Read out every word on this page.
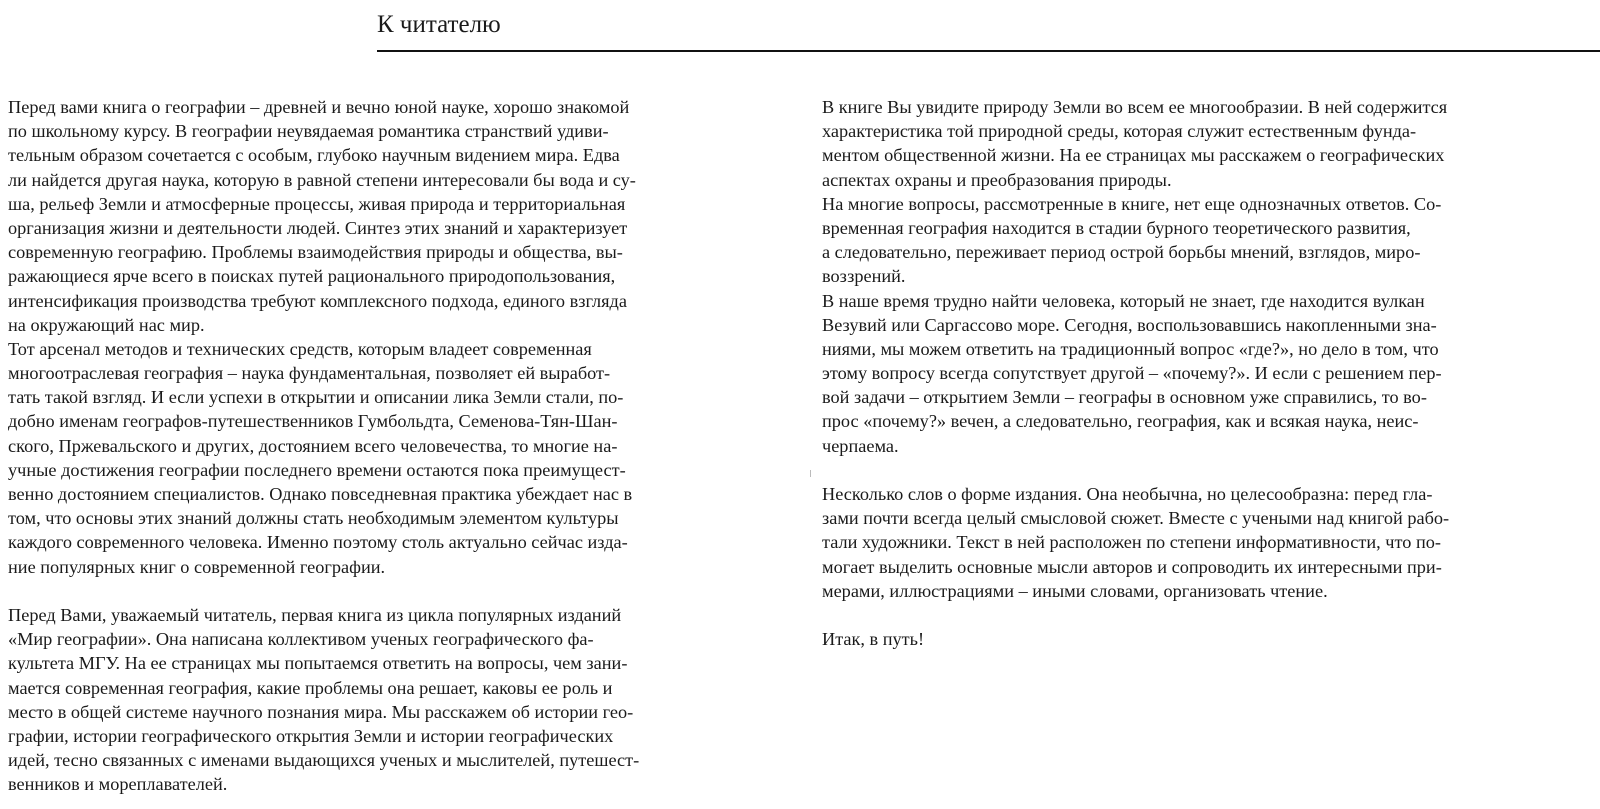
К читателю
Перед вами книга о географии – древней и вечно юной науке, хорошо знакомой
по школьному курсу. В географии неувядаемая романтика странствий удиви-
тельным образом сочетается с особым, глубоко научным видением мира. Едва
ли найдется другая наука, которую в равной степени интересовали бы вода и су-
ша, рельеф Земли и атмосферные процессы, живая природа и территориальная
организация жизни и деятельности людей. Синтез этих знаний и характеризует
современную географию. Проблемы взаимодействия природы и общества, вы-
ражающиеся ярче всего в поисках путей рационального природопользования,
интенсификация производства требуют комплексного подхода, единого взгляда
на окружающий нас мир.
Тот арсенал методов и технических средств, которым владеет современная
многоотраслевая география – наука фундаментальная, позволяет ей выработ-
тать такой взгляд. И если успехи в открытии и описании лика Земли стали, по-
добно именам географов-путешественников Гумбольдта, Семенова-Тян-Шан-
ского, Пржевальского и других, достоянием всего человечества, то многие на-
учные достижения географии последнего времени остаются пока преимущест-
венно достоянием специалистов. Однако повседневная практика убеждает нас в
том, что основы этих знаний должны стать необходимым элементом культуры
каждого современного человека. Именно поэтому столь актуально сейчас изда-
ние популярных книг о современной географии.
Перед Вами, уважаемый читатель, первая книга из цикла популярных изданий
«Мир географии». Она написана коллективом ученых географического фа-
культета МГУ. На ее страницах мы попытаемся ответить на вопросы, чем зани-
мается современная география, какие проблемы она решает, каковы ее роль и
место в общей системе научного познания мира. Мы расскажем об истории гео-
графии, истории географического открытия Земли и истории географических
идей, тесно связанных с именами выдающихся ученых и мыслителей, путешест-
венников и мореплавателей.
В книге Вы увидите природу Земли во всем ее многообразии. В ней содержится
характеристика той природной среды, которая служит естественным фунда-
ментом общественной жизни. На ее страницах мы расскажем о географических
аспектах охраны и преобразования природы.
На многие вопросы, рассмотренные в книге, нет еще однозначных ответов. Со-
временная география находится в стадии бурного теоретического развития,
а следовательно, переживает период острой борьбы мнений, взглядов, миро-
воззрений.
В наше время трудно найти человека, который не знает, где находится вулкан
Везувий или Саргассово море. Сегодня, воспользовавшись накопленными зна-
ниями, мы можем ответить на традиционный вопрос «где?», но дело в том, что
этому вопросу всегда сопутствует другой – «почему?». И если с решением пер-
вой задачи – открытием Земли – географы в основном уже справились, то во-
прос «почему?» вечен, а следовательно, география, как и всякая наука, неис-
черпаема.
Несколько слов о форме издания. Она необычна, но целесообразна: перед гла-
зами почти всегда целый смысловой сюжет. Вместе с учеными над книгой рабо-
тали художники. Текст в ней расположен по степени информативности, что по-
могает выделить основные мысли авторов и сопроводить их интересными при-
мерами, иллюстрациями – иными словами, организовать чтение.
Итак, в путь!
